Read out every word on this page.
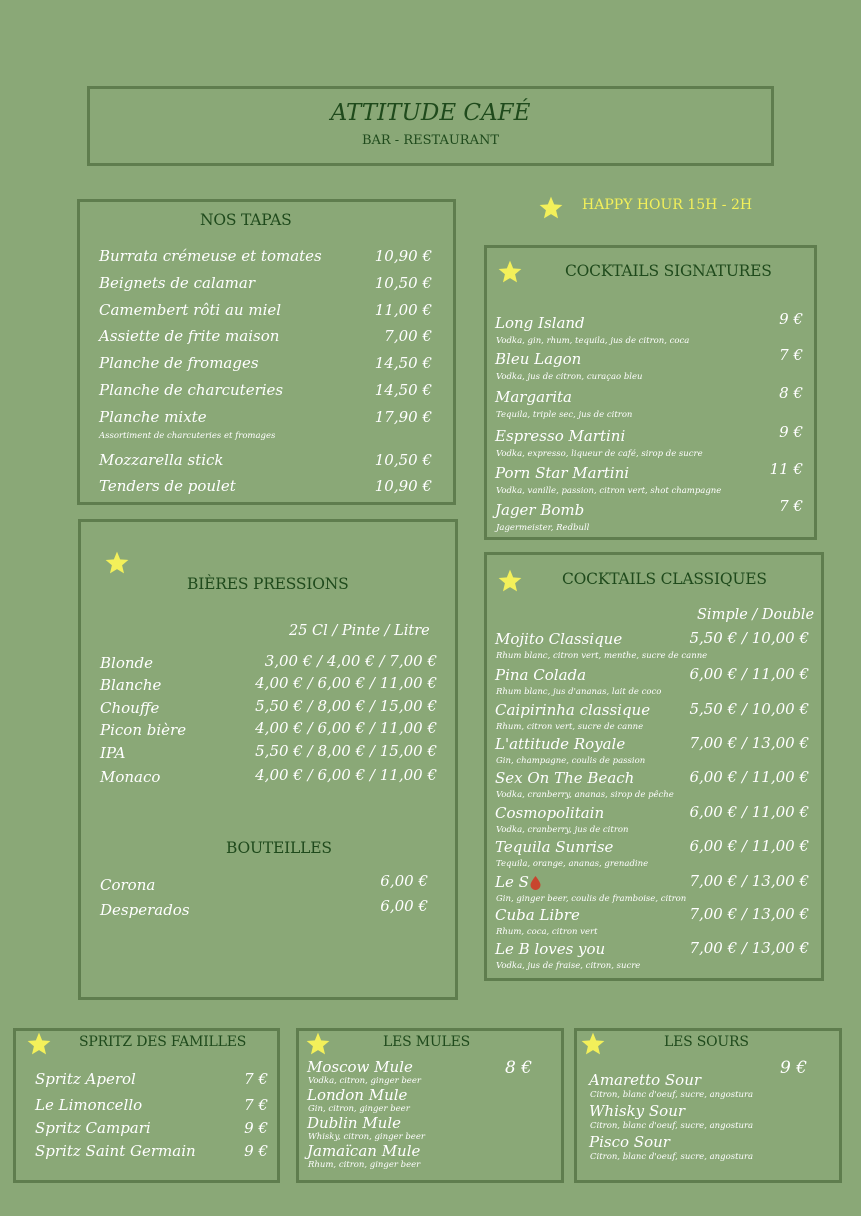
ATTITUDE CAFÉ
BAR - RESTAURANT
HAPPY HOUR 15H - 2H
NOS TAPAS
Burrata crémeuse et tomates	10,90 €
Beignets de calamar	10,50 €
Camembert rôti au miel	11,00 €
Assiette de frite maison	7,00 €
Planche de fromages	14,50 €
Planche de charcuteries	14,50 €
Planche mixte	17,90 €
Assortiment de charcuteries et fromages
Mozzarella stick	10,50 €
Tenders de poulet	10,90 €
BIÈRES PRESSIONS
25 Cl / Pinte / Litre
Blonde	3,00 € / 4,00 € / 7,00 €
Blanche	4,00 € / 6,00 € / 11,00 €
Chouffe	5,50 € / 8,00 € / 15,00 €
Picon bière	4,00 € / 6,00 € / 11,00 €
IPA	5,50 € / 8,00 € / 15,00 €
Monaco	4,00 € / 6,00 € / 11,00 €
BOUTEILLES
Corona	6,00 €
Desperados	6,00 €
COCKTAILS SIGNATURES
Long Island	9 €
Vodka, gin, rhum, tequila, jus de citron, coca
Bleu Lagon	7 €
Vodka, jus de citron, curaçao bleu
Margarita	8 €
Tequila, triple sec, jus de citron
Espresso Martini	9 €
Vodka, expresso, liqueur de café, sirop de sucre
Porn Star Martini	11 €
Vodka, vanille, passion, citron vert, shot champagne
Jager Bomb	7 €
Jagermeister, Redbull
COCKTAILS CLASSIQUES
Simple / Double
Mojito Classique	5,50 € / 10,00 €
Rhum blanc, citron vert, menthe, sucre de canne
Pina Colada	6,00 € / 11,00 €
Rhum blanc, jus d'ananas, lait de coco
Caipirinha classique	5,50 € / 10,00 €
Rhum, citron vert, sucre de canne
L'attitude Royale	7,00 € / 13,00 €
Gin, champagne, coulis de passion
Sex On The Beach	6,00 € / 11,00 €
Vodka, cranberry, ananas, sirop de pêche
Cosmopolitain	6,00 € / 11,00 €
Vodka, cranberry, jus de citron
Tequila Sunrise	6,00 € / 11,00 €
Tequila, orange, ananas, grenadine
Le S	7,00 € / 13,00 €
Gin, ginger beer, coulis de framboise, citron
Cuba Libre	7,00 € / 13,00 €
Rhum, coca, citron vert
Le B loves you	7,00 € / 13,00 €
Vodka, jus de fraise, citron, sucre
SPRITZ DES FAMILLES
Spritz Aperol	7 €
Le Limoncello	7 €
Spritz Campari	9 €
Spritz Saint Germain	9 €
LES MULES
8 €
Moscow Mule
Vodka, citron, ginger beer
London Mule
Gin, citron, ginger beer
Dublin Mule
Whisky, citron, ginger beer
Jamaïcan Mule
Rhum, citron, ginger beer
LES SOURS
9 €
Amaretto Sour
Citron, blanc d'oeuf, sucre, angostura
Whisky Sour
Citron, blanc d'oeuf, sucre, angostura
Pisco Sour
Citron, blanc d'oeuf, sucre, angostura
